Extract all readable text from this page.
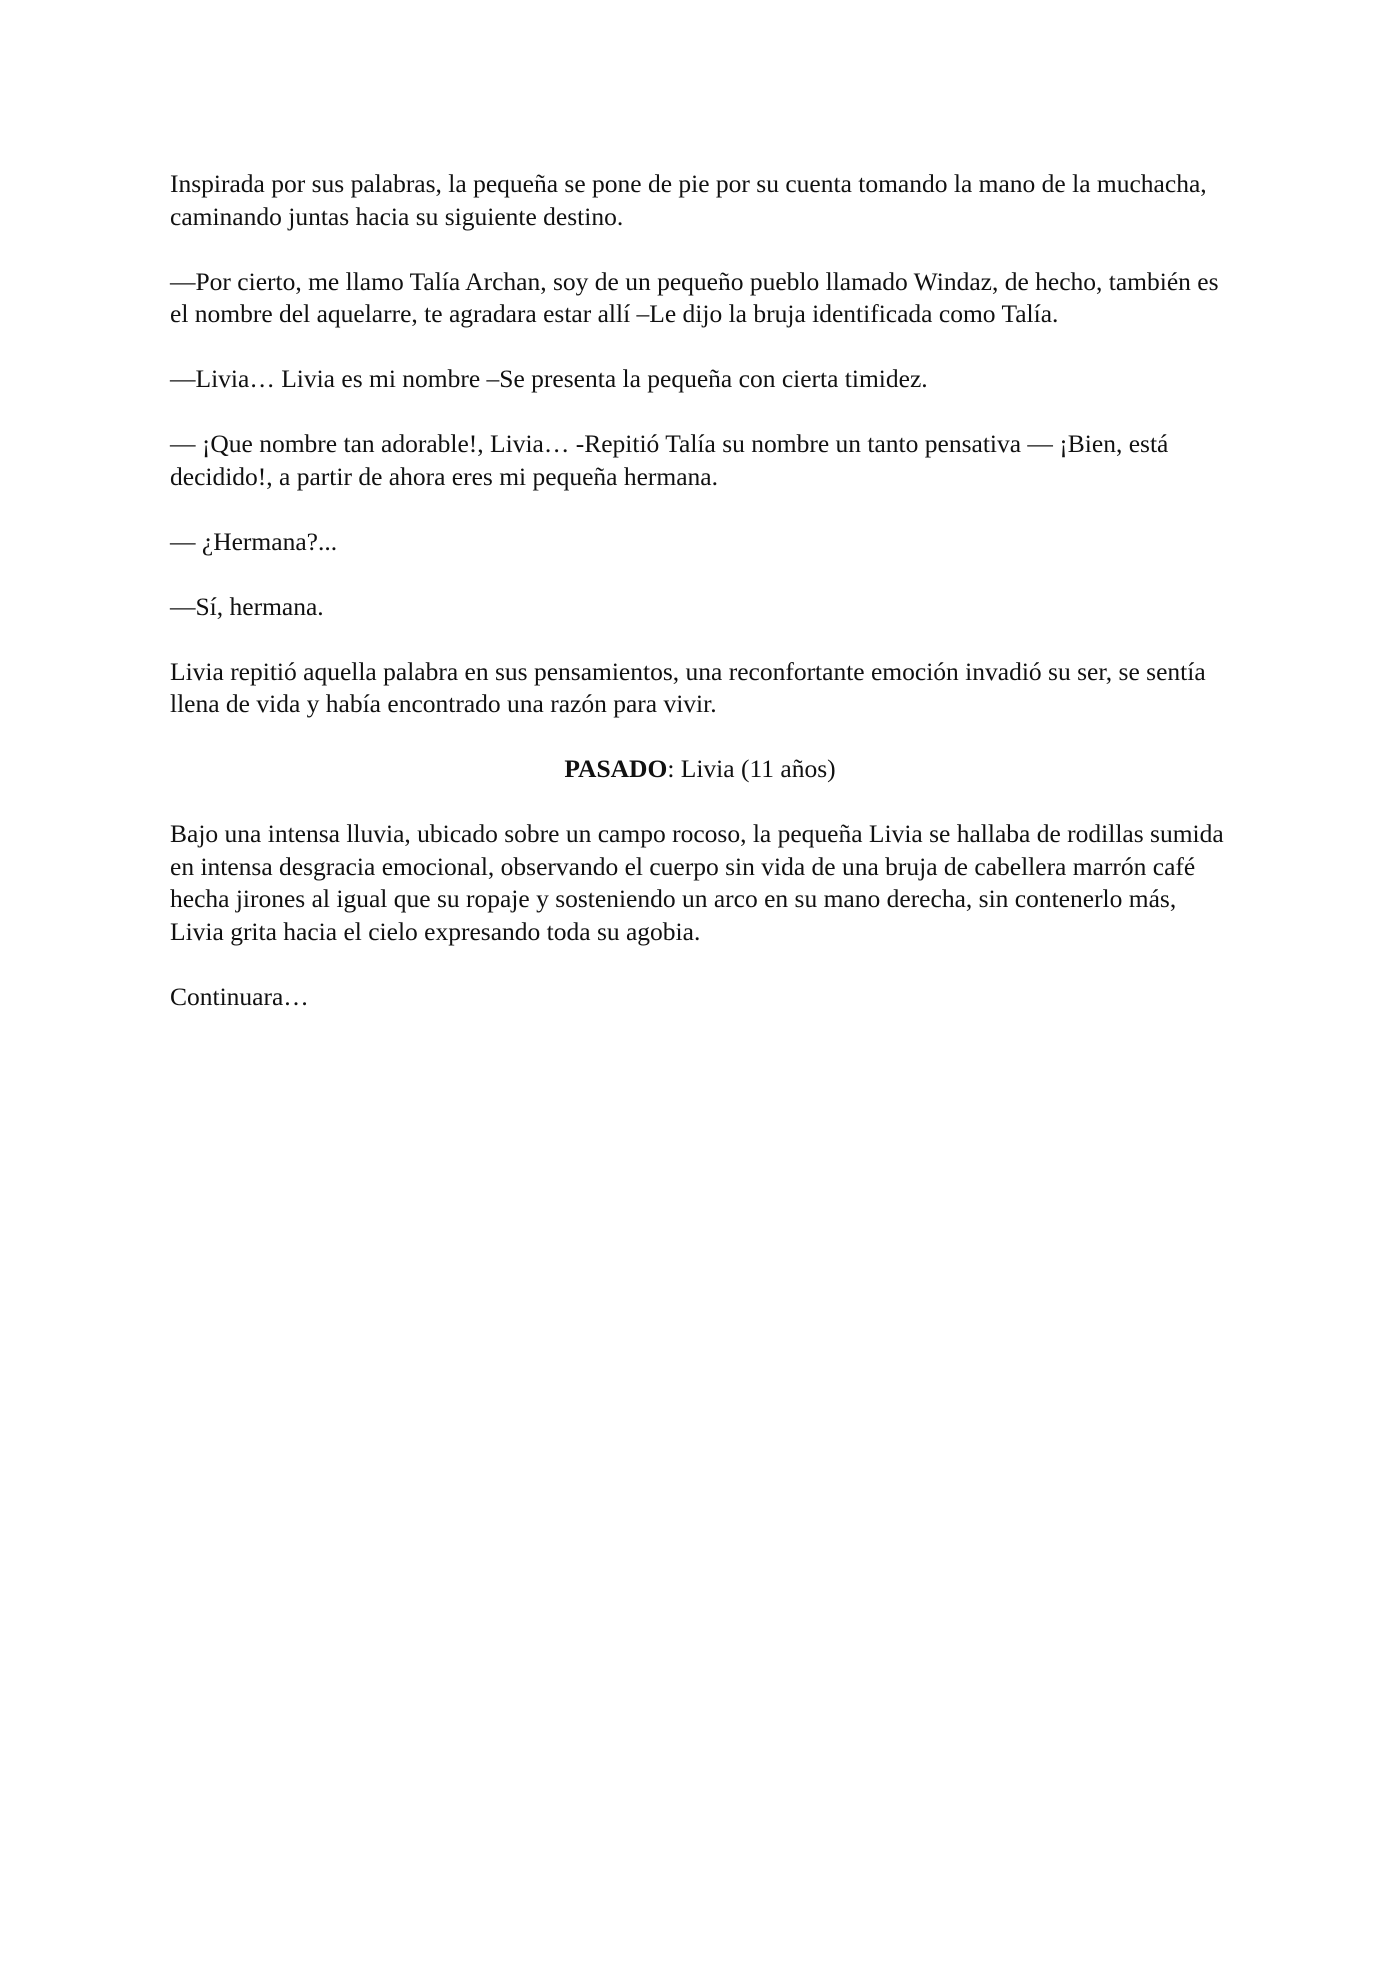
Inspirada por sus palabras, la pequeña se pone de pie por su cuenta tomando la mano de la muchacha, caminando juntas hacia su siguiente destino.

—Por cierto, me llamo Talía Archan, soy de un pequeño pueblo llamado Windaz, de hecho, también es el nombre del aquelarre, te agradara estar allí –Le dijo la bruja identificada como Talía.

—Livia… Livia es mi nombre –Se presenta la pequeña con cierta timidez.

— ¡Que nombre tan adorable!, Livia… -Repitió Talía su nombre un tanto pensativa — ¡Bien, está decidido!, a partir de ahora eres mi pequeña hermana.

— ¿Hermana?...

—Sí, hermana.

Livia repitió aquella palabra en sus pensamientos, una reconfortante emoción invadió su ser, se sentía llena de vida y había encontrado una razón para vivir.

PASADO: Livia (11 años)

Bajo una intensa lluvia, ubicado sobre un campo rocoso, la pequeña Livia se hallaba de rodillas sumida en intensa desgracia emocional, observando el cuerpo sin vida de una bruja de cabellera marrón café hecha jirones al igual que su ropaje y sosteniendo un arco en su mano derecha, sin contenerlo más, Livia grita hacia el cielo expresando toda su agobia.

Continuara…
